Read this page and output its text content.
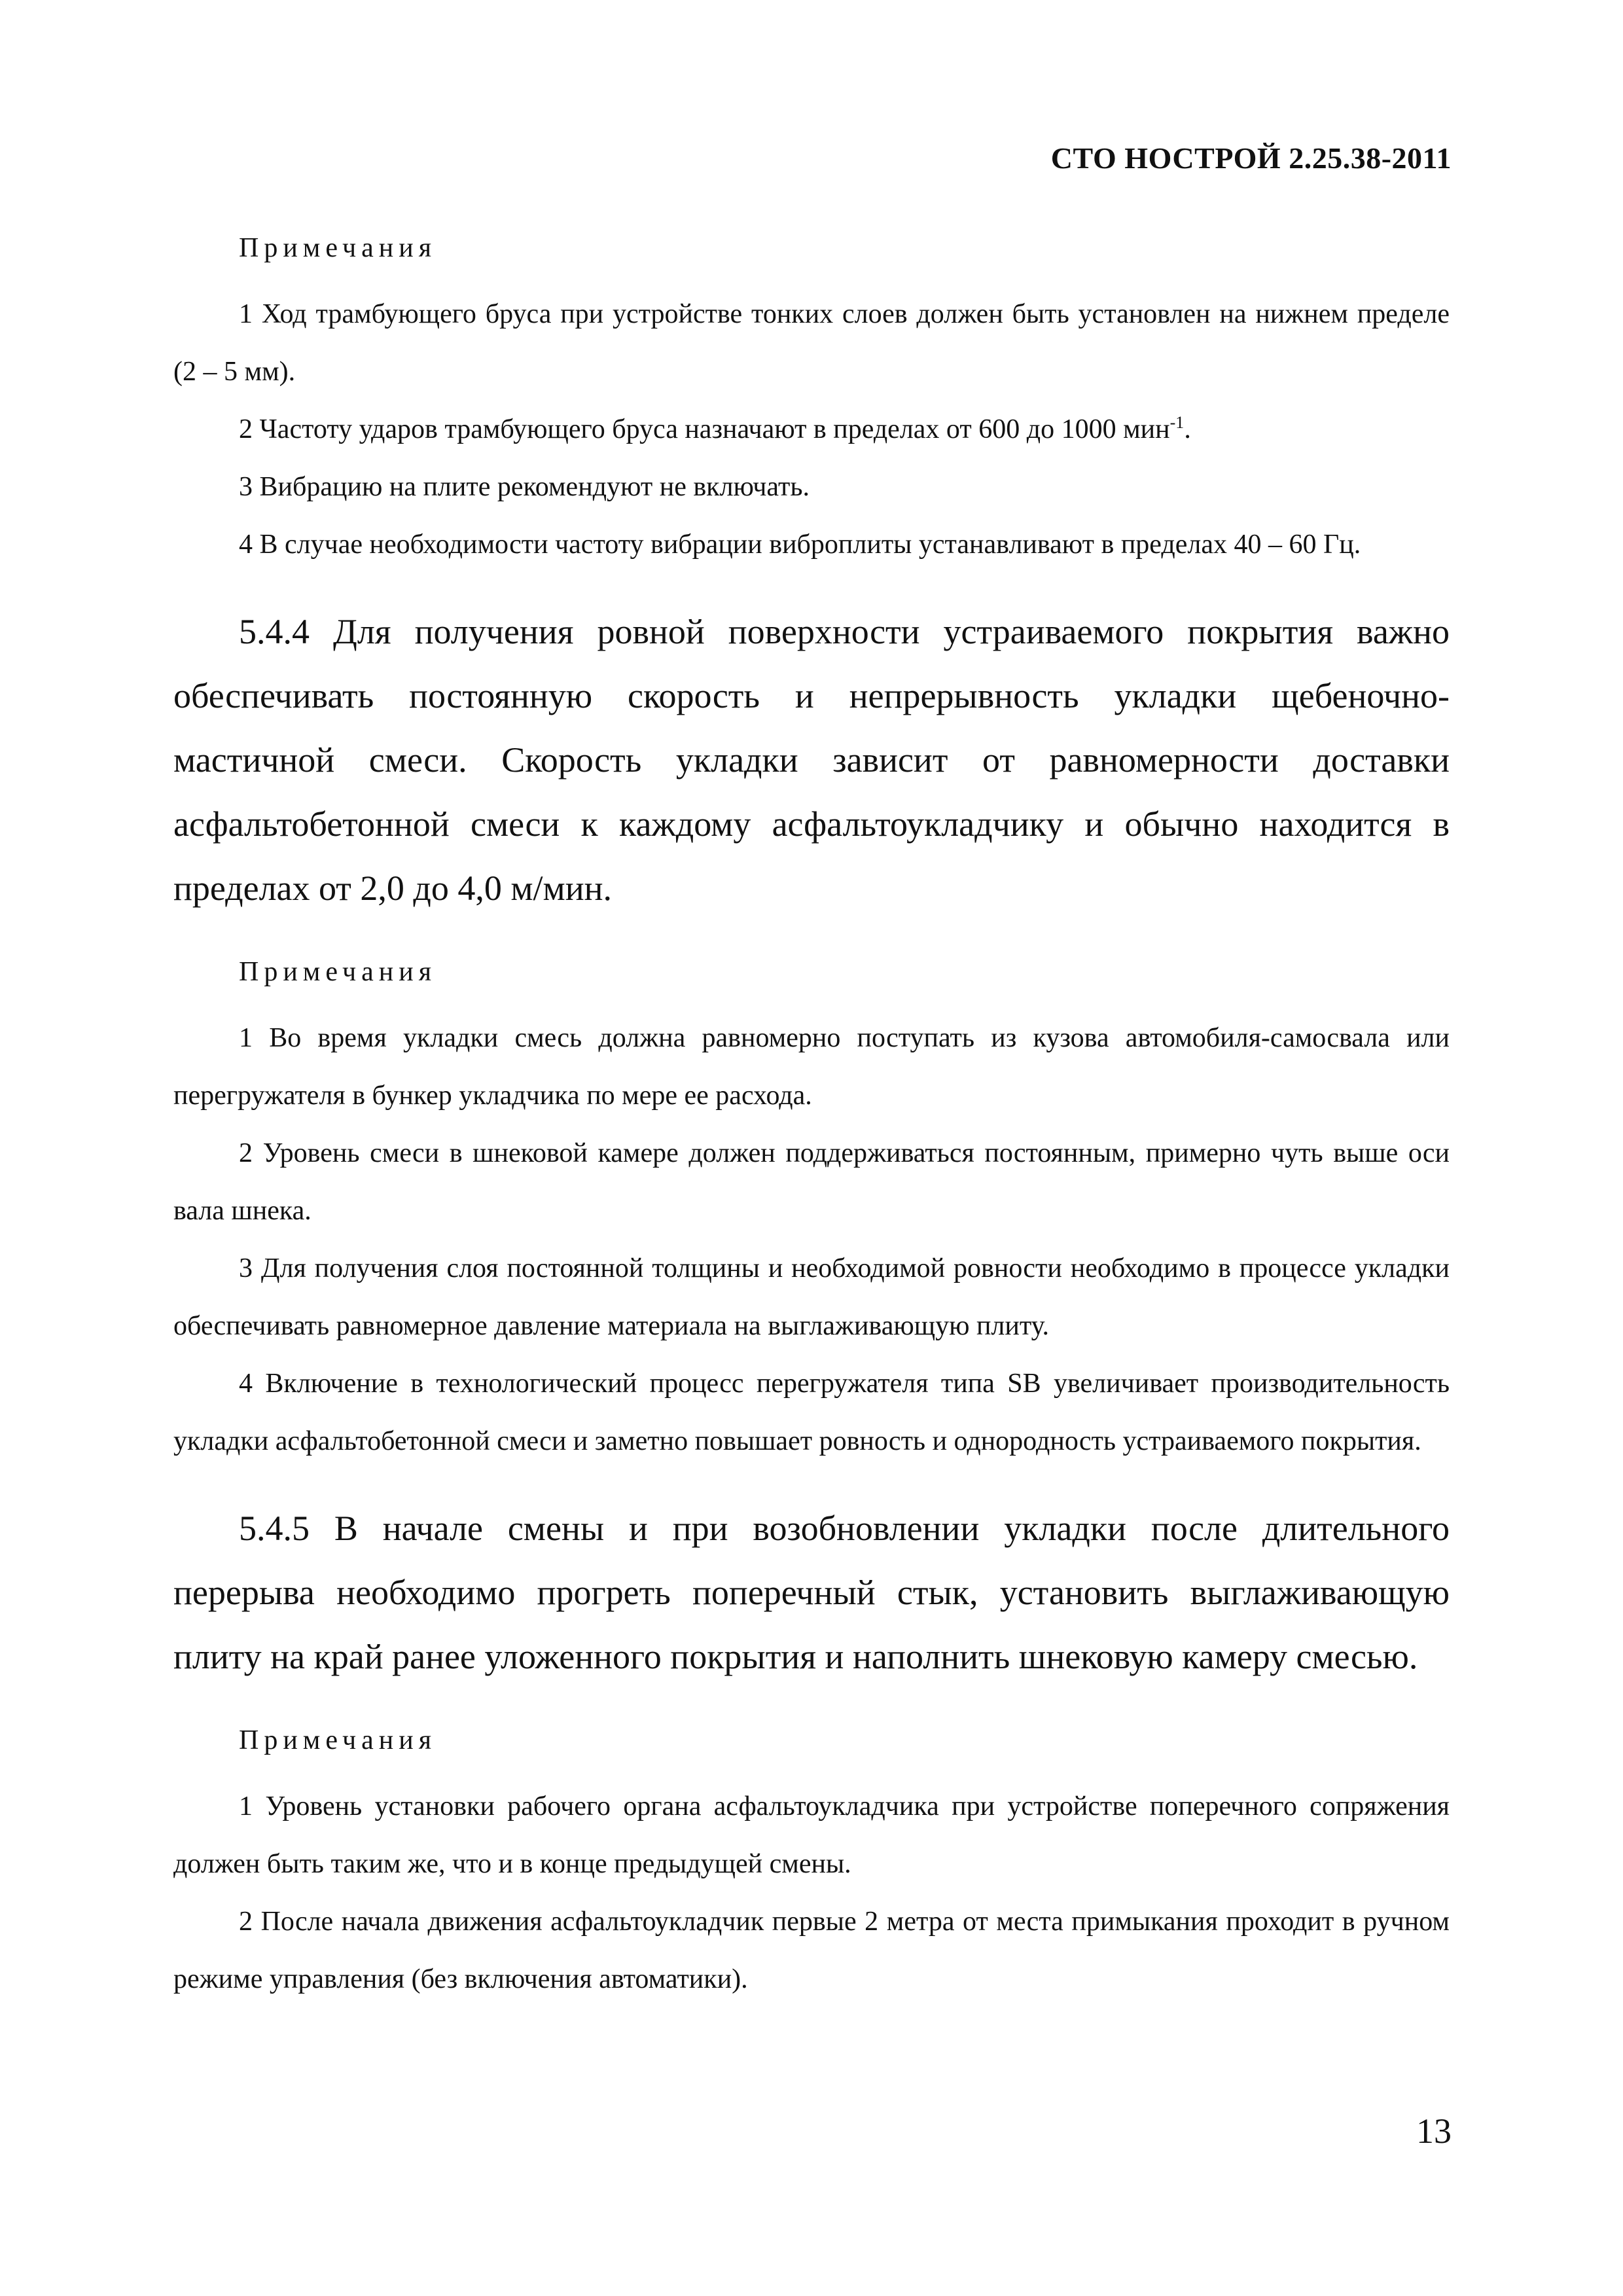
СТО НОСТРОЙ 2.25.38-2011
Примечания

1 Ход трамбующего бруса при устройстве тонких слоев должен быть установлен на нижнем пределе (2 – 5 мм).

2 Частоту ударов трамбующего бруса назначают в пределах от 600 до 1000 мин$^{-1}$.

3 Вибрацию на плите рекомендуют не включать.

4 В случае необходимости частоту вибрации виброплиты устанавливают в пределах 40 – 60 Гц.

5.4.4 Для получения ровной поверхности устраиваемого покрытия важно обеспечивать постоянную скорость и непрерывность укладки щебеночно-мастичной смеси. Скорость укладки зависит от равномерности доставки асфальтобетонной смеси к каждому асфальтоукладчику и обычно находится в пределах от 2,0 до 4,0 м/мин.

Примечания

1 Во время укладки смесь должна равномерно поступать из кузова автомобиля-самосвала или перегружателя в бункер укладчика по мере ее расхода.

2 Уровень смеси в шнековой камере должен поддерживаться постоянным, примерно чуть выше оси вала шнека.

3 Для получения слоя постоянной толщины и необходимой ровности необходимо в процессе укладки обеспечивать равномерное давление материала на выглаживающую плиту.

4 Включение в технологический процесс перегружателя типа SB увеличивает производительность укладки асфальтобетонной смеси и заметно повышает ровность и однородность устраиваемого покрытия.

5.4.5 В начале смены и при возобновлении укладки после длительного перерыва необходимо прогреть поперечный стык, установить выглаживающую плиту на край ранее уложенного покрытия и наполнить шнековую камеру смесью.

Примечания

1 Уровень установки рабочего органа асфальтоукладчика при устройстве поперечного сопряжения должен быть таким же, что и в конце предыдущей смены.

2 После начала движения асфальтоукладчик первые 2 метра от места примыкания проходит в ручном режиме управления (без включения автоматики).

13
